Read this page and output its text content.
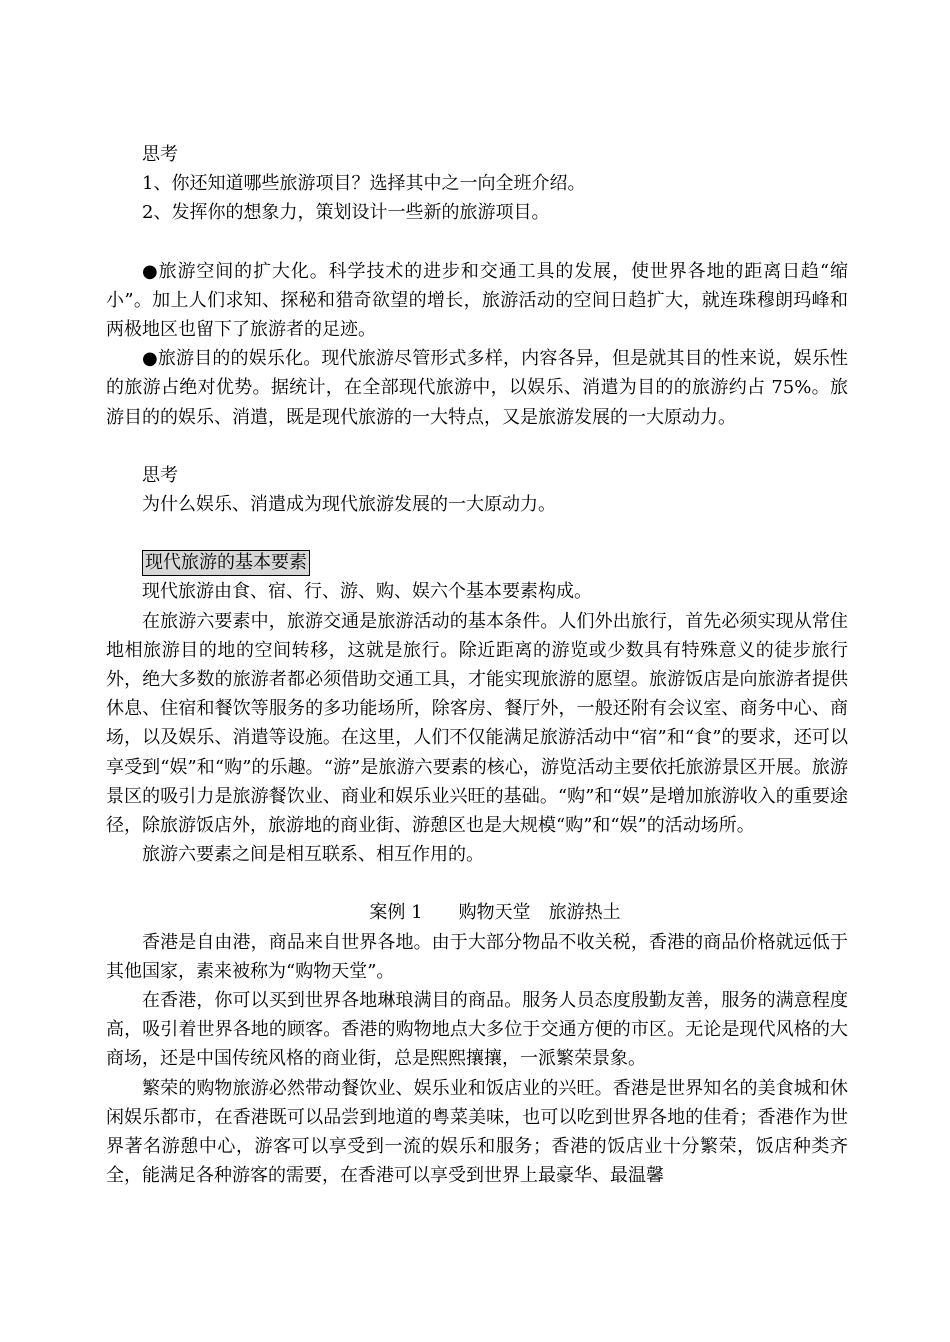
思考

1、你还知道哪些旅游项目？选择其中之一向全班介绍。

2、发挥你的想象力，策划设计一些新的旅游项目。

●旅游空间的扩大化。科学技术的进步和交通工具的发展，使世界各地的距离日趋“缩小”。加上人们求知、探秘和猎奇欲望的增长，旅游活动的空间日趋扩大，就连珠穆朗玛峰和两极地区也留下了旅游者的足迹。

●旅游目的的娱乐化。现代旅游尽管形式多样，内容各异，但是就其目的性来说，娱乐性的旅游占绝对优势。据统计，在全部现代旅游中，以娱乐、消遣为目的的旅游约占 75%。旅游目的的娱乐、消遣，既是现代旅游的一大特点，又是旅游发展的一大原动力。

思考

为什么娱乐、消遣成为现代旅游发展的一大原动力。

现代旅游的基本要素

现代旅游由食、宿、行、游、购、娱六个基本要素构成。

在旅游六要素中，旅游交通是旅游活动的基本条件。人们外出旅行，首先必须实现从常住地相旅游目的地的空间转移，这就是旅行。除近距离的游览或少数具有特殊意义的徒步旅行外，绝大多数的旅游者都必须借助交通工具，才能实现旅游的愿望。旅游饭店是向旅游者提供休息、住宿和餐饮等服务的多功能场所，除客房、餐厅外，一般还附有会议室、商务中心、商场，以及娱乐、消遣等设施。在这里，人们不仅能满足旅游活动中“宿”和“食”的要求，还可以享受到“娱”和“购”的乐趣。“游”是旅游六要素的核心，游览活动主要依托旅游景区开展。旅游景区的吸引力是旅游餐饮业、商业和娱乐业兴旺的基础。“购”和“娱”是增加旅游收入的重要途径，除旅游饭店外，旅游地的商业街、游憩区也是大规模“购”和“娱”的活动场所。

旅游六要素之间是相互联系、相互作用的。

案例 1　　购物天堂　旅游热土

香港是自由港，商品来自世界各地。由于大部分物品不收关税，香港的商品价格就远低于其他国家，素来被称为“购物天堂”。

在香港，你可以买到世界各地琳琅满目的商品。服务人员态度殷勤友善，服务的满意程度高，吸引着世界各地的顾客。香港的购物地点大多位于交通方便的市区。无论是现代风格的大商场，还是中国传统风格的商业街，总是熙熙攘攘，一派繁荣景象。

繁荣的购物旅游必然带动餐饮业、娱乐业和饭店业的兴旺。香港是世界知名的美食城和休闲娱乐都市，在香港既可以品尝到地道的粤菜美味，也可以吃到世界各地的佳肴；香港作为世界著名游憩中心，游客可以享受到一流的娱乐和服务；香港的饭店业十分繁荣，饭店种类齐全，能满足各种游客的需要，在香港可以享受到世界上最豪华、最温馨
